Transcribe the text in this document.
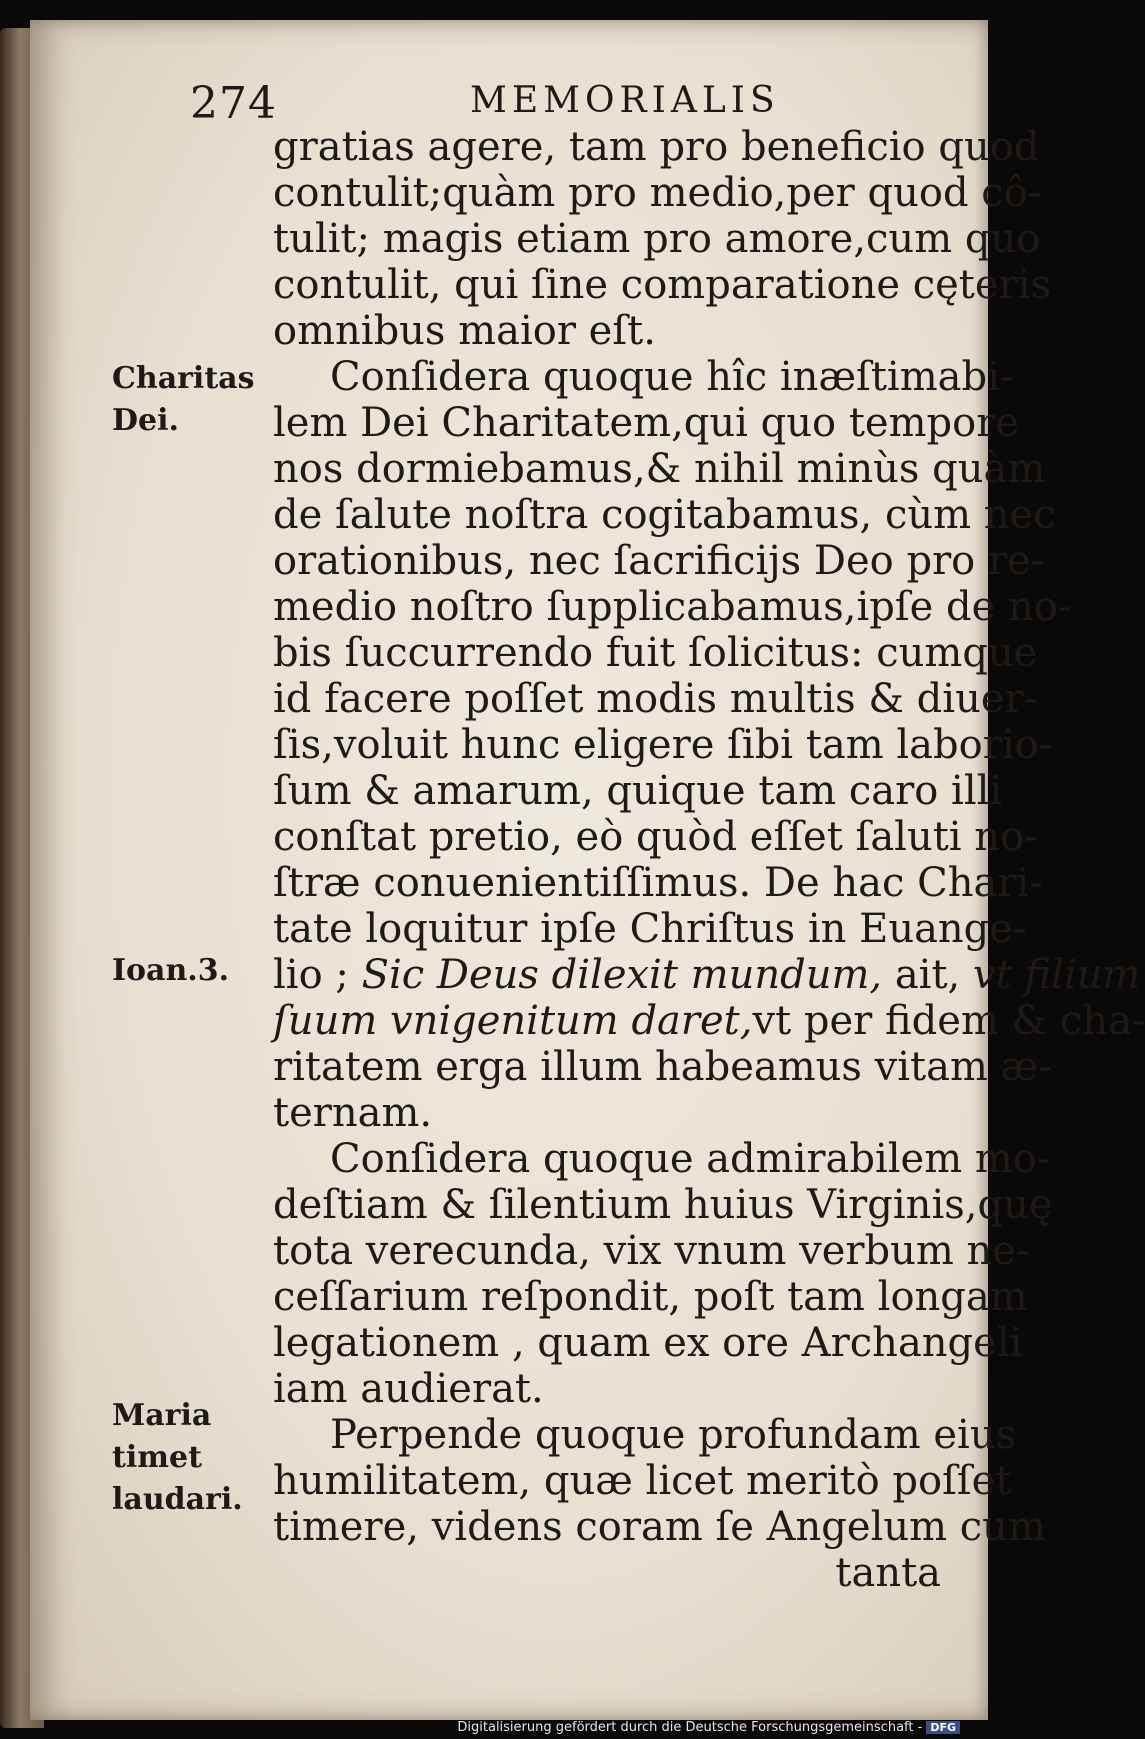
274	MEMORIALIS
Charitas Dei.
Ioan.3.
Maria timet laudari.
gratias agere, tam pro beneficio quod
contulit;quàm pro medio,per quod cô-
tulit; magis etiam pro amore,cum quo
contulit, qui ſine comparatione cęteris
omnibus maior eſt.
Conſidera quoque hîc inæſtimabi-
lem Dei Charitatem,qui quo tempore
nos dormiebamus,& nihil minùs quàm
de ſalute noſtra cogitabamus, cùm nec
orationibus, nec ſacrificijs Deo pro re-
medio noſtro ſupplicabamus,ipſe de no-
bis ſuccurrendo fuit ſolicitus: cumque
id facere poſſet modis multis & diuer-
ſis,voluit hunc eligere ſibi tam laborio-
ſum & amarum, quique tam caro illi
conſtat pretio, eò quòd eſſet ſaluti no-
ſtræ conuenientiſſimus. De hac Chari-
tate loquitur ipſe Chriſtus in Euange-
lio ; Sic Deus dilexit mundum, ait, vt filium
ſuum vnigenitum daret,vt per fidem & cha-
ritatem erga illum habeamus vitam æ-
ternam.
Conſidera quoque admirabilem mo-
deſtiam & ſilentium huius Virginis,quę
tota verecunda, vix vnum verbum ne-
ceſſarium reſpondit, poſt tam longam
legationem , quam ex ore Archangeli
iam audierat.
Perpende quoque profundam eius
humilitatem, quæ licet meritò poſſet
timere, videns coram ſe Angelum cum
tanta
Digitalisierung gefördert durch die Deutsche Forschungsgemeinschaft - DFG
